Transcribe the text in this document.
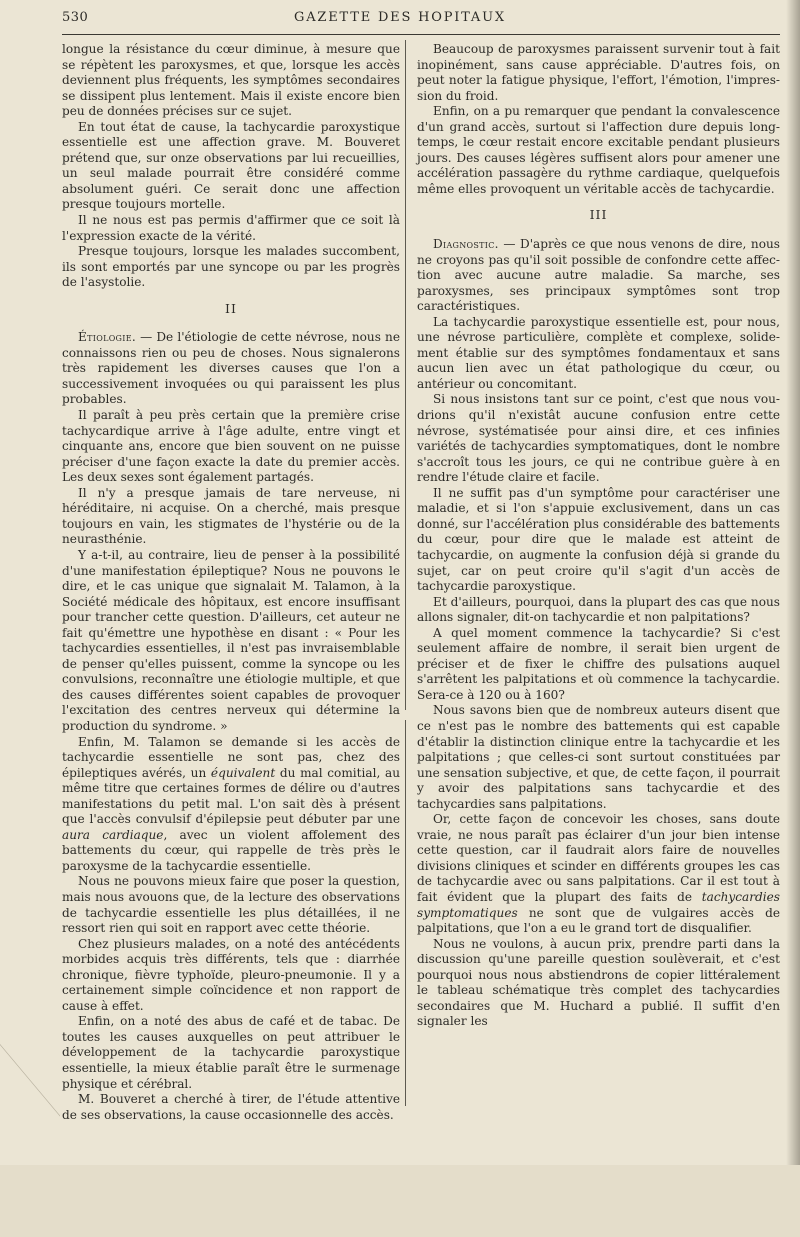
530	GAZETTE DES HOPITAUX

longue la résistance du cœur diminue, à mesure que se répètent les paroxysmes, et que, lorsque les accès deviennent plus fréquents, les symptômes secondaires se dissipent plus lentement. Mais il existe encore bien peu de données précises sur ce sujet.

En tout état de cause, la tachycardie paroxystique essentielle est une affection grave. M. Bouveret prétend que, sur onze observations par lui recueillies, un seul malade pourrait être considéré comme absolument guéri. Ce serait donc une affection presque toujours mortelle.

Il ne nous est pas permis d'affirmer que ce soit là l'expression exacte de la vérité.

Presque toujours, lorsque les malades succombent, ils sont emportés par une syncope ou par les progrès de l'asystolie.

II

Étiologie. — De l'étiologie de cette névrose, nous ne connaissons rien ou peu de choses. Nous signalerons très rapidement les diverses causes que l'on a successivement invoquées ou qui paraissent les plus probables.

Il paraît à peu près certain que la première crise tachycardique arrive à l'âge adulte, entre vingt et cinquante ans, encore que bien souvent on ne puisse préciser d'une façon exacte la date du premier accès. Les deux sexes sont également partagés.

Il n'y a presque jamais de tare nerveuse, ni héréditaire, ni acquise. On a cherché, mais presque toujours en vain, les stigmates de l'hystérie ou de la neurasthénie.

Y a-t-il, au contraire, lieu de penser à la possibilité d'une manifestation épileptique? Nous ne pouvons le dire, et le cas unique que signalait M. Talamon, à la Société médicale des hôpitaux, est encore insuffisant pour trancher cette question. D'ailleurs, cet auteur ne fait qu'émettre une hypothèse en disant : « Pour les tachycardies essentielles, il n'est pas invraisemblable de penser qu'elles puissent, comme la syncope ou les convulsions, reconnaître une étiologie multiple, et que des causes différentes soient capables de provoquer l'excitation des centres nerveux qui détermine la production du syndrome. »

Enfin, M. Talamon se demande si les accès de tachycardie essentielle ne sont pas, chez des épileptiques avérés, un équivalent du mal comitial, au même titre que certaines formes de délire ou d'autres manifestations du petit mal. L'on sait dès à présent que l'accès convulsif d'épilepsie peut débuter par une aura cardiaque, avec un violent affolement des battements du cœur, qui rappelle de très près le paroxysme de la tachycardie essentielle.

Nous ne pouvons mieux faire que poser la question, mais nous avouons que, de la lecture des observations de tachycardie essentielle les plus détaillées, il ne ressort rien qui soit en rapport avec cette théorie.

Chez plusieurs malades, on a noté des antécédents morbides acquis très différents, tels que : diarrhée chronique, fièvre typhoïde, pleuro-pneumonie. Il y a certainement simple coïncidence et non rapport de cause à effet.

Enfin, on a noté des abus de café et de tabac. De toutes les causes auxquelles on peut attribuer le développement de la tachycardie paroxystique essentielle, la mieux établie paraît être le surmenage physique et cérébral.

M. Bouveret a cherché à tirer, de l'étude attentive de ses observations, la cause occasionnelle des accès.

Beaucoup de paroxysmes paraissent survenir tout à fait inopinément, sans cause appréciable. D'autres fois, on peut noter la fatigue physique, l'effort, l'émotion, l'impression du froid.

Enfin, on a pu remarquer que pendant la convalescence d'un grand accès, surtout si l'affection dure depuis longtemps, le cœur restait encore excitable pendant plusieurs jours. Des causes légères suffisent alors pour amener une accélération passagère du rythme cardiaque, quelquefois même elles provoquent un véritable accès de tachycardie.

III

Diagnostic. — D'après ce que nous venons de dire, nous ne croyons pas qu'il soit possible de confondre cette affection avec aucune autre maladie. Sa marche, ses paroxysmes, ses principaux symptômes sont trop caractéristiques.

La tachycardie paroxystique essentielle est, pour nous, une névrose particulière, complète et complexe, solidement établie sur des symptômes fondamentaux et sans aucun lien avec un état pathologique du cœur, ou antérieur ou concomitant.

Si nous insistons tant sur ce point, c'est que nous voudrions qu'il n'existât aucune confusion entre cette névrose, systématisée pour ainsi dire, et ces infinies variétés de tachycardies symptomatiques, dont le nombre s'accroît tous les jours, ce qui ne contribue guère à en rendre l'étude claire et facile.

Il ne suffit pas d'un symptôme pour caractériser une maladie, et si l'on s'appuie exclusivement, dans un cas donné, sur l'accélération plus considérable des battements du cœur, pour dire que le malade est atteint de tachycardie, on augmente la confusion déjà si grande du sujet, car on peut croire qu'il s'agit d'un accès de tachycardie paroxystique.

Et d'ailleurs, pourquoi, dans la plupart des cas que nous allons signaler, dit-on tachycardie et non palpitations?

A quel moment commence la tachycardie? Si c'est seulement affaire de nombre, il serait bien urgent de préciser et de fixer le chiffre des pulsations auquel s'arrêtent les palpitations et où commence la tachycardie. Sera-ce à 120 ou à 160?

Nous savons bien que de nombreux auteurs disent que ce n'est pas le nombre des battements qui est capable d'établir la distinction clinique entre la tachycardie et les palpitations ; que celles-ci sont surtout constituées par une sensation subjective, et que, de cette façon, il pourrait y avoir des palpitations sans tachycardie et des tachycardies sans palpitations.

Or, cette façon de concevoir les choses, sans doute vraie, ne nous paraît pas éclairer d'un jour bien intense cette question, car il faudrait alors faire de nouvelles divisions cliniques et scinder en différents groupes les cas de tachycardie avec ou sans palpitations. Car il est tout à fait évident que la plupart des faits de tachycardies symptomatiques ne sont que de vulgaires accès de palpitations, que l'on a eu le grand tort de disqualifier.

Nous ne voulons, à aucun prix, prendre parti dans la discussion qu'une pareille question soulèverait, et c'est pourquoi nous nous abstiendrons de copier littéralement le tableau schématique très complet des tachycardies secondaires que M. Huchard a publié. Il suffit d'en signaler les
